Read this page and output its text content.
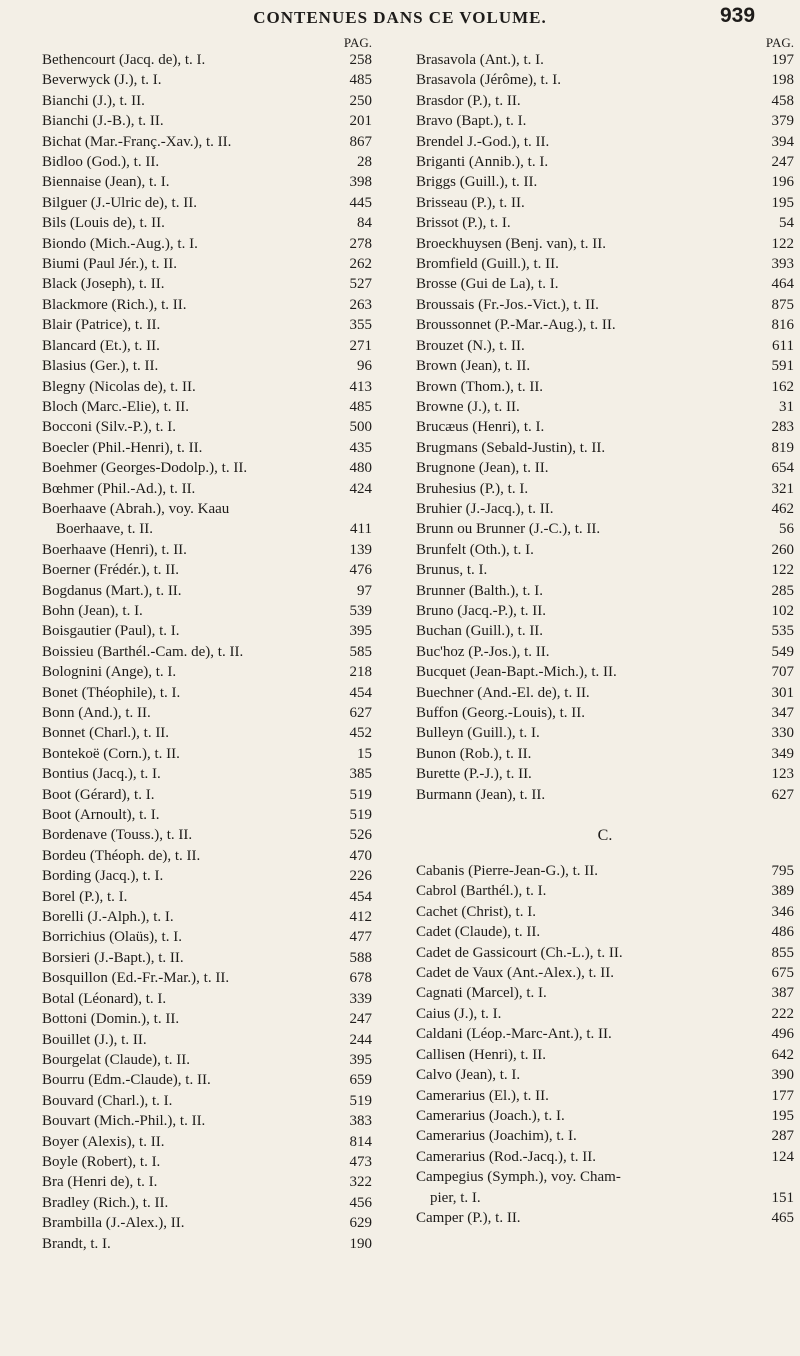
CONTENUES DANS CE VOLUME.	939
PAG.
Bethencourt (Jacq. de), t. I.	258
Beverwyck (J.), t. I.	485
Bianchi (J.), t. II.	250
Bianchi (J.-B.), t. II.	201
Bichat (Mar.-Franç.-Xav.), t. II.	867
Bidloo (God.), t. II.	28
Biennaise (Jean), t. I.	398
Bilguer (J.-Ulric de), t. II.	445
Bils (Louis de), t. II.	84
Biondo (Mich.-Aug.), t. I.	278
Biumi (Paul Jér.), t. II.	262
Black (Joseph), t. II.	527
Blackmore (Rich.), t. II.	263
Blair (Patrice), t. II.	355
Blancard (Et.), t. II.	271
Blasius (Ger.), t. II.	96
Blegny (Nicolas de), t. II.	413
Bloch (Marc.-Elie), t. II.	485
Bocconi (Silv.-P.), t. I.	500
Boecler (Phil.-Henri), t. II.	435
Boehmer (Georges-Dodolp.), t. II.	480
Bœhmer (Phil.-Ad.), t. II.	424
Boerhaave (Abrah.), voy. Kaau
Boerhaave, t. II.	411
Boerhaave (Henri), t. II.	139
Boerner (Frédér.), t. II.	476
Bogdanus (Mart.), t. II.	97
Bohn (Jean), t. I.	539
Boisgautier (Paul), t. I.	395
Boissieu (Barthél.-Cam. de), t. II.	585
Bolognini (Ange), t. I.	218
Bonet (Théophile), t. I.	454
Bonn (And.), t. II.	627
Bonnet (Charl.), t. II.	452
Bontekoë (Corn.), t. II.	15
Bontius (Jacq.), t. I.	385
Boot (Gérard), t. I.	519
Boot (Arnoult), t. I.	519
Bordenave (Touss.), t. II.	526
Bordeu (Théoph. de), t. II.	470
Bording (Jacq.), t. I.	226
Borel (P.), t. I.	454
Borelli (J.-Alph.), t. I.	412
Borrichius (Olaüs), t. I.	477
Borsieri (J.-Bapt.), t. II.	588
Bosquillon (Ed.-Fr.-Mar.), t. II.	678
Botal (Léonard), t. I.	339
Bottoni (Domin.), t. II.	247
Bouillet (J.), t. II.	244
Bourgelat (Claude), t. II.	395
Bourru (Edm.-Claude), t. II.	659
Bouvard (Charl.), t. I.	519
Bouvart (Mich.-Phil.), t. II.	383
Boyer (Alexis), t. II.	814
Boyle (Robert), t. I.	473
Bra (Henri de), t. I.	322
Bradley (Rich.), t. II.	456
Brambilla (J.-Alex.), II.	629
Brandt, t. I.	190
PAG.
Brasavola (Ant.), t. I.	197
Brasavola (Jérôme), t. I.	198
Brasdor (P.), t. II.	458
Bravo (Bapt.), t. I.	379
Brendel J.-God.), t. II.	394
Briganti (Annib.), t. I.	247
Briggs (Guill.), t. II.	196
Brisseau (P.), t. II.	195
Brissot (P.), t. I.	54
Broeckhuysen (Benj. van), t. II.	122
Bromfield (Guill.), t. II.	393
Brosse (Gui de La), t. I.	464
Broussais (Fr.-Jos.-Vict.), t. II.	875
Broussonnet (P.-Mar.-Aug.), t. II.	816
Brouzet (N.), t. II.	611
Brown (Jean), t. II.	591
Brown (Thom.), t. II.	162
Browne (J.), t. II.	31
Brucæus (Henri), t. I.	283
Brugmans (Sebald-Justin), t. II.	819
Brugnone (Jean), t. II.	654
Bruhesius (P.), t. I.	321
Bruhier (J.-Jacq.), t. II.	462
Brunn ou Brunner (J.-C.), t. II.	56
Brunfelt (Oth.), t. I.	260
Brunus, t. I.	122
Brunner (Balth.), t. I.	285
Bruno (Jacq.-P.), t. II.	102
Buchan (Guill.), t. II.	535
Buc'hoz (P.-Jos.), t. II.	549
Bucquet (Jean-Bapt.-Mich.), t. II.	707
Buechner (And.-El. de), t. II.	301
Buffon (Georg.-Louis), t. II.	347
Bulleyn (Guill.), t. I.	330
Bunon (Rob.), t. II.	349
Burette (P.-J.), t. II.	123
Burmann (Jean), t. II.	627
C.
Cabanis (Pierre-Jean-G.), t. II.	795
Cabrol (Barthél.), t. I.	389
Cachet (Christ), t. I.	346
Cadet (Claude), t. II.	486
Cadet de Gassicourt (Ch.-L.), t. II.	855
Cadet de Vaux (Ant.-Alex.), t. II.	675
Cagnati (Marcel), t. I.	387
Caius (J.), t. I.	222
Caldani (Léop.-Marc-Ant.), t. II.	496
Callisen (Henri), t. II.	642
Calvo (Jean), t. I.	390
Camerarius (El.), t. II.	177
Camerarius (Joach.), t. I.	195
Camerarius (Joachim), t. I.	287
Camerarius (Rod.-Jacq.), t. II.	124
Campegius (Symph.), voy. Cham-
pier, t. I.	151
Camper (P.), t. II.	465
